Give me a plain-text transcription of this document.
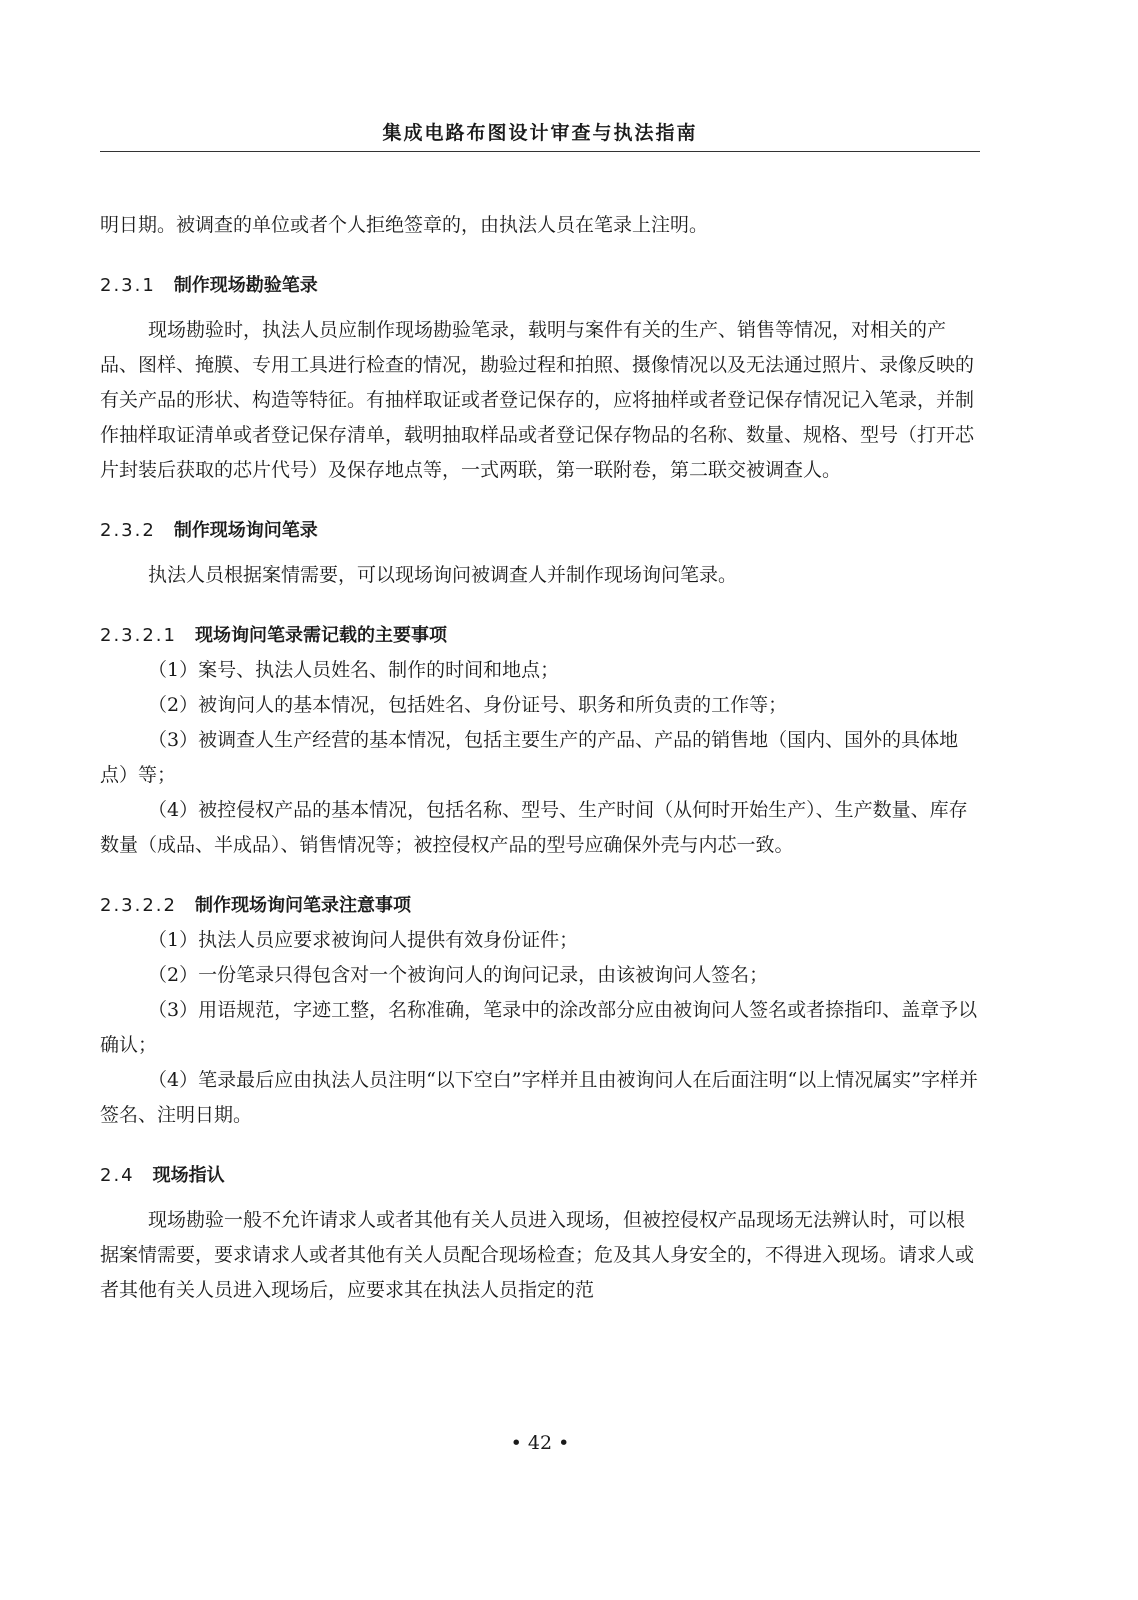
集成电路布图设计审查与执法指南

明日期。被调查的单位或者个人拒绝签章的，由执法人员在笔录上注明。

2.3.1 制作现场勘验笔录

现场勘验时，执法人员应制作现场勘验笔录，载明与案件有关的生产、销售等情况，对相关的产品、图样、掩膜、专用工具进行检查的情况，勘验过程和拍照、摄像情况以及无法通过照片、录像反映的有关产品的形状、构造等特征。有抽样取证或者登记保存的，应将抽样或者登记保存情况记入笔录，并制作抽样取证清单或者登记保存清单，载明抽取样品或者登记保存物品的名称、数量、规格、型号（打开芯片封装后获取的芯片代号）及保存地点等，一式两联，第一联附卷，第二联交被调查人。

2.3.2 制作现场询问笔录

执法人员根据案情需要，可以现场询问被调查人并制作现场询问笔录。

2.3.2.1 现场询问笔录需记载的主要事项

（1）案号、执法人员姓名、制作的时间和地点；

（2）被询问人的基本情况，包括姓名、身份证号、职务和所负责的工作等；

（3）被调查人生产经营的基本情况，包括主要生产的产品、产品的销售地（国内、国外的具体地点）等；

（4）被控侵权产品的基本情况，包括名称、型号、生产时间（从何时开始生产）、生产数量、库存数量（成品、半成品）、销售情况等；被控侵权产品的型号应确保外壳与内芯一致。

2.3.2.2 制作现场询问笔录注意事项

（1）执法人员应要求被询问人提供有效身份证件；

（2）一份笔录只得包含对一个被询问人的询问记录，由该被询问人签名；

（3）用语规范，字迹工整，名称准确，笔录中的涂改部分应由被询问人签名或者捺指印、盖章予以确认；

（4）笔录最后应由执法人员注明“以下空白”字样并且由被询问人在后面注明“以上情况属实”字样并签名、注明日期。

2.4 现场指认

现场勘验一般不允许请求人或者其他有关人员进入现场，但被控侵权产品现场无法辨认时，可以根据案情需要，要求请求人或者其他有关人员配合现场检查；危及其人身安全的，不得进入现场。请求人或者其他有关人员进入现场后，应要求其在执法人员指定的范

• 42 •
